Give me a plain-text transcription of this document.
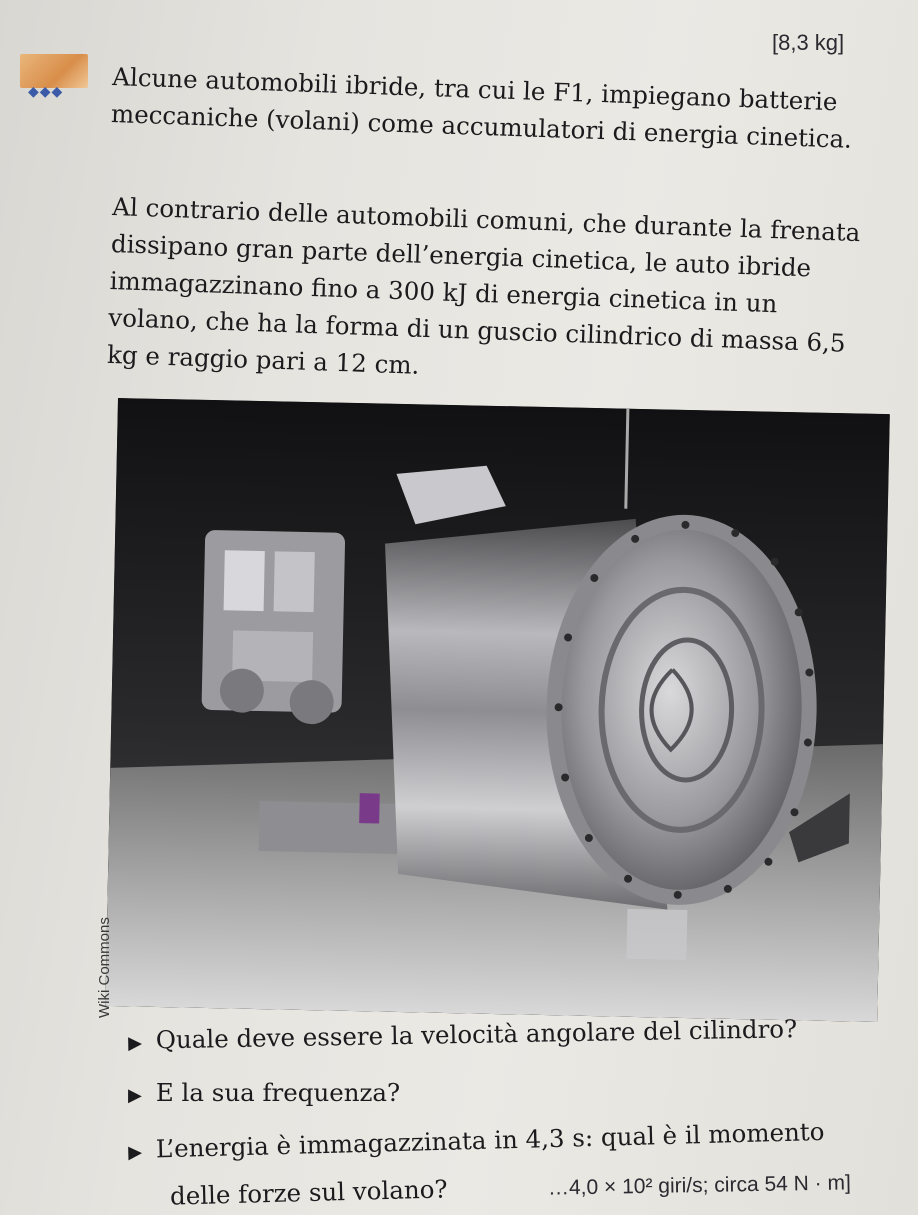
[8,3 kg]
◆◆◆ Alcune automobili ibride, tra cui le F1, impiegano batterie meccaniche (volani) come accumulatori di energia cinetica.

Al contrario delle automobili comuni, che durante la frenata dissipano gran parte dell’energia cinetica, le auto ibride immagazzinano fino a 300 kJ di energia cinetica in un volano, che ha la forma di un guscio cilindrico di massa 6,5 kg e raggio pari a 12 cm.

Wiki Commons
▶ Quale deve essere la velocità angolare del cilindro?
▶ E la sua frequenza?
▶ L’energia è immagazzinata in 4,3 s: qual è il momento
delle forze sul volano?	…4,0 × 10² giri/s; circa 54 N · m]
